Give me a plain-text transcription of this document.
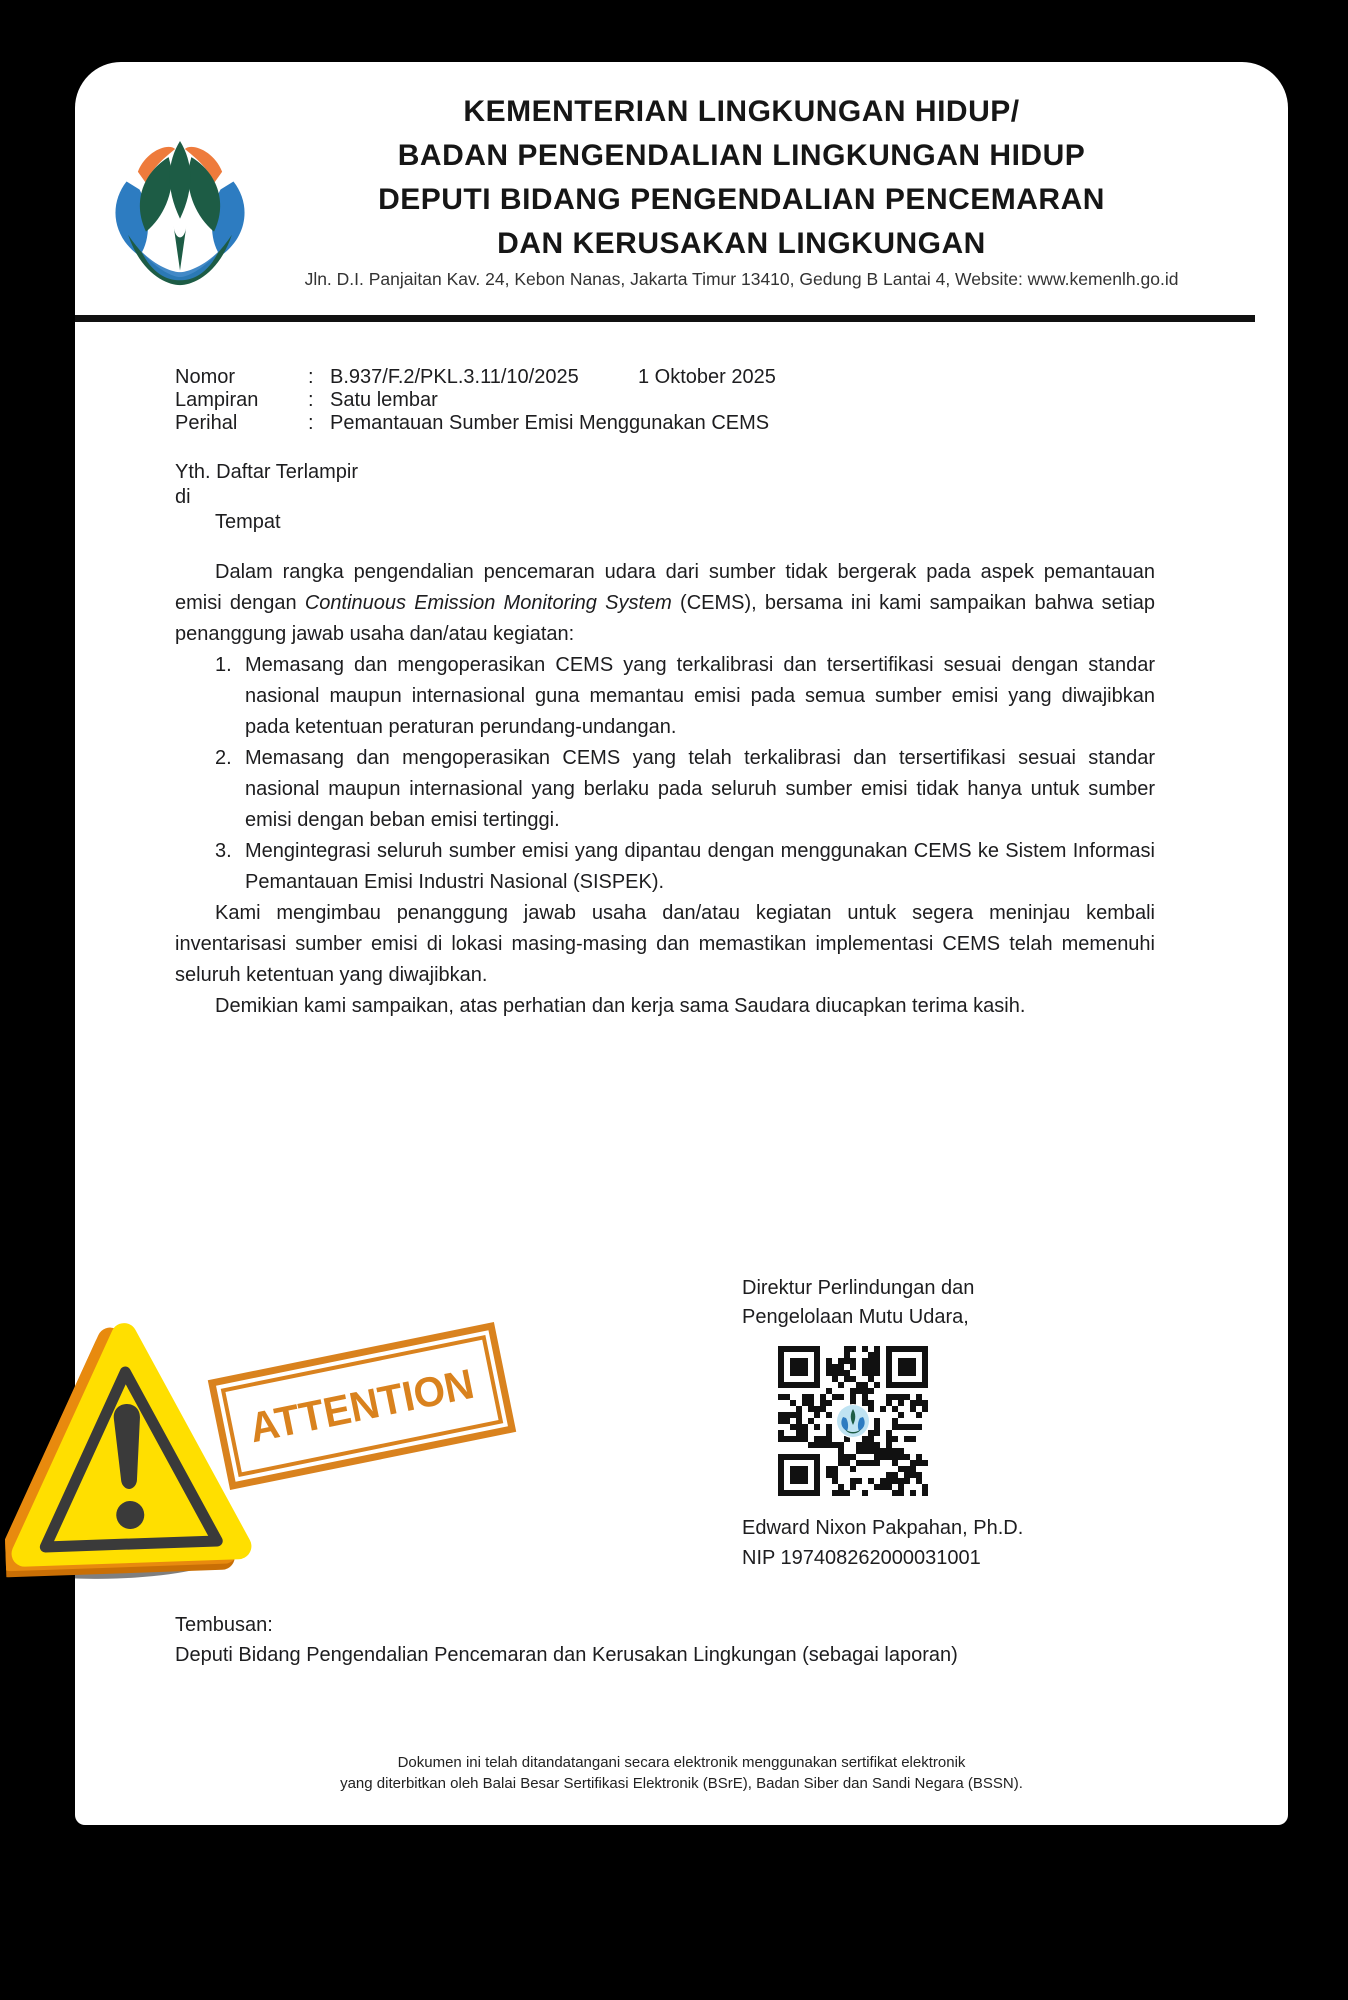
KEMENTERIAN LINGKUNGAN HIDUP/
BADAN PENGENDALIAN LINGKUNGAN HIDUP
DEPUTI BIDANG PENGENDALIAN PENCEMARAN
DAN KERUSAKAN LINGKUNGAN
Jln. D.I. Panjaitan Kav. 24, Kebon Nanas, Jakarta Timur 13410, Gedung B Lantai 4, Website: www.kemenlh.go.id
Nomor	: B.937/F.2/PKL.3.11/10/2025	1 Oktober 2025
Lampiran	: Satu lembar
Perihal	: Pemantauan Sumber Emisi Menggunakan CEMS
Yth. Daftar Terlampir
di
Tempat

Dalam rangka pengendalian pencemaran udara dari sumber tidak bergerak pada aspek pemantauan emisi dengan Continuous Emission Monitoring System (CEMS), bersama ini kami sampaikan bahwa setiap penanggung jawab usaha dan/atau kegiatan:

1. Memasang dan mengoperasikan CEMS yang terkalibrasi dan tersertifikasi sesuai dengan standar nasional maupun internasional guna memantau emisi pada semua sumber emisi yang diwajibkan pada ketentuan peraturan perundang-undangan.
2. Memasang dan mengoperasikan CEMS yang telah terkalibrasi dan tersertifikasi sesuai standar nasional maupun internasional yang berlaku pada seluruh sumber emisi tidak hanya untuk sumber emisi dengan beban emisi tertinggi.
3. Mengintegrasi seluruh sumber emisi yang dipantau dengan menggunakan CEMS ke Sistem Informasi Pemantauan Emisi Industri Nasional (SISPEK).

Kami mengimbau penanggung jawab usaha dan/atau kegiatan untuk segera meninjau kembali inventarisasi sumber emisi di lokasi masing-masing dan memastikan implementasi CEMS telah memenuhi seluruh ketentuan yang diwajibkan.

Demikian kami sampaikan, atas perhatian dan kerja sama Saudara diucapkan terima kasih.

Direktur Perlindungan dan
Pengelolaan Mutu Udara,
Edward Nixon Pakpahan, Ph.D.
NIP 197408262000031001
Tembusan:
Deputi Bidang Pengendalian Pencemaran dan Kerusakan Lingkungan (sebagai laporan)
Dokumen ini telah ditandatangani secara elektronik menggunakan sertifikat elektronik
yang diterbitkan oleh Balai Besar Sertifikasi Elektronik (BSrE), Badan Siber dan Sandi Negara (BSSN).
ATTENTION
